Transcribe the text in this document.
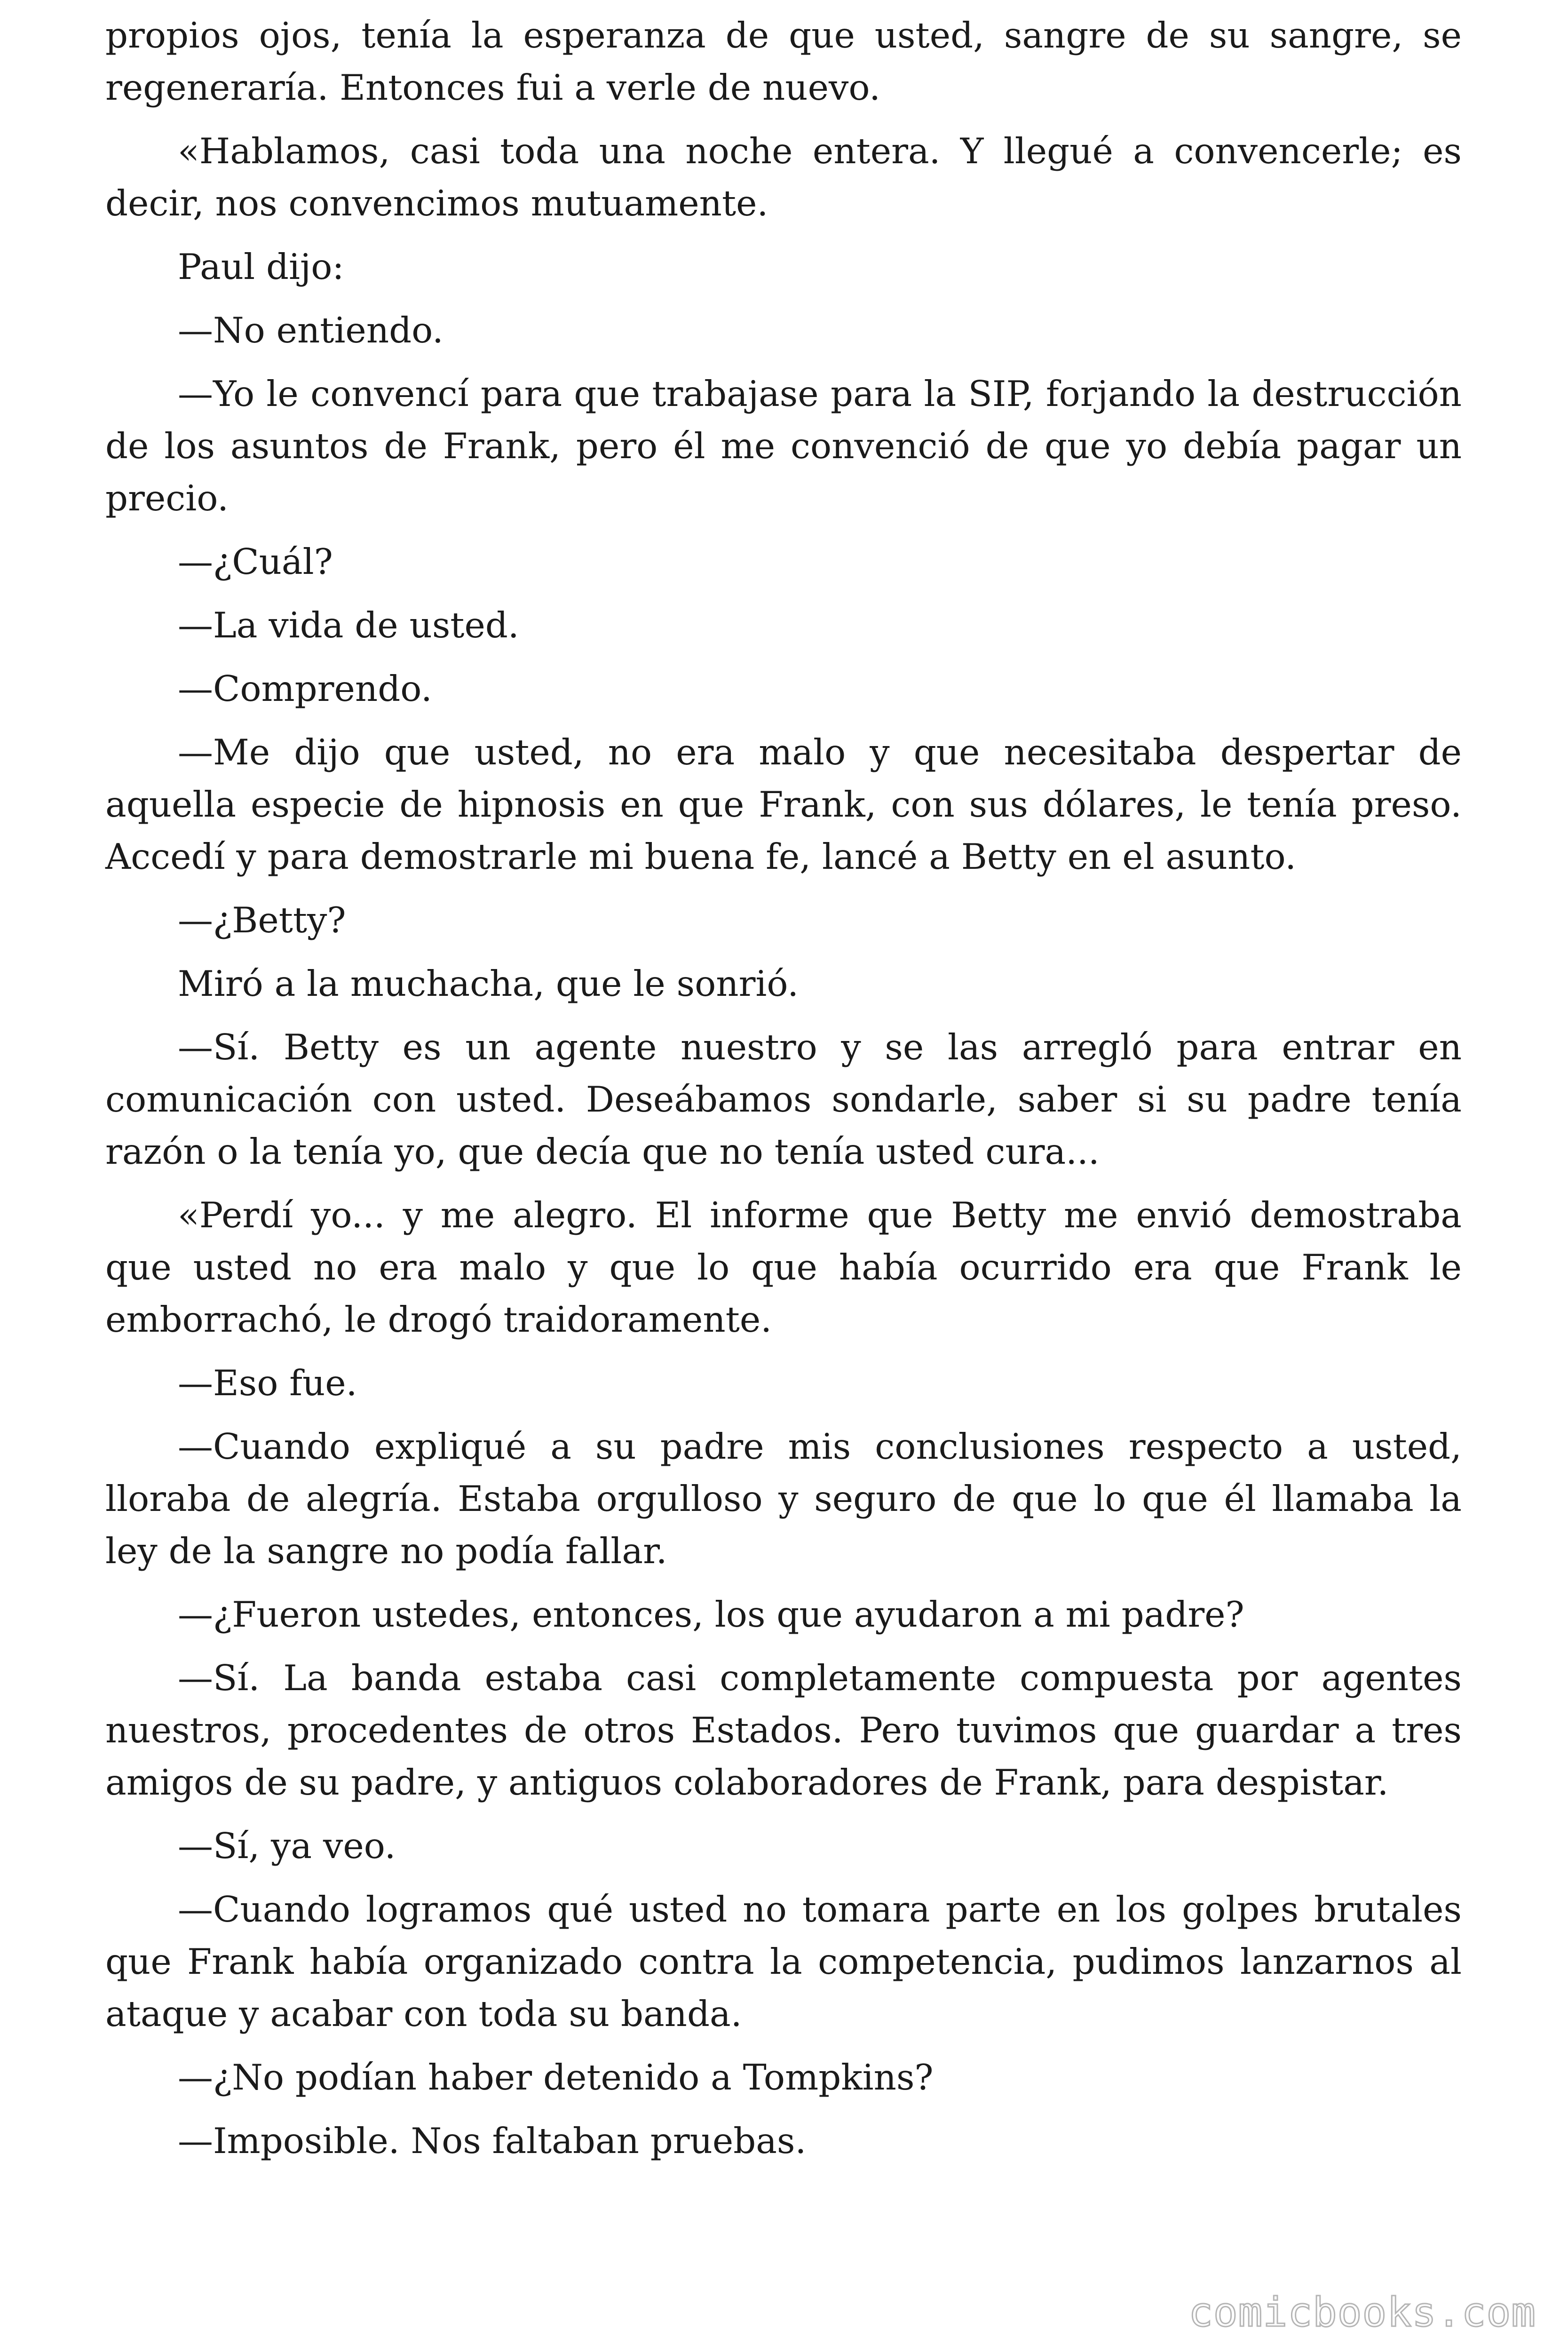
propios ojos, tenía la esperanza de que usted, sangre de su sangre, se regeneraría. Entonces fui a verle de nuevo.

«Hablamos, casi toda una noche entera. Y llegué a convencerle; es decir, nos convencimos mutuamente.

Paul dijo:

—No entiendo.

—Yo le convencí para que trabajase para la SIP, forjando la destrucción de los asuntos de Frank, pero él me convenció de que yo debía pagar un precio.

—¿Cuál?

—La vida de usted.

—Comprendo.

—Me dijo que usted, no era malo y que necesitaba despertar de aquella especie de hipnosis en que Frank, con sus dólares, le tenía preso. Accedí y para demostrarle mi buena fe, lancé a Betty en el asunto.

—¿Betty?

Miró a la muchacha, que le sonrió.

—Sí. Betty es un agente nuestro y se las arregló para entrar en comunicación con usted. Deseábamos sondarle, saber si su padre tenía razón o la tenía yo, que decía que no tenía usted cura...

«Perdí yo... y me alegro. El informe que Betty me envió demostraba que usted no era malo y que lo que había ocurrido era que Frank le emborrachó, le drogó traidoramente.

—Eso fue.

—Cuando expliqué a su padre mis conclusiones respecto a usted, lloraba de alegría. Estaba orgulloso y seguro de que lo que él llamaba la ley de la sangre no podía fallar.

—¿Fueron ustedes, entonces, los que ayudaron a mi padre?

—Sí. La banda estaba casi completamente compuesta por agentes nuestros, procedentes de otros Estados. Pero tuvimos que guardar a tres amigos de su padre, y antiguos colaboradores de Frank, para despistar.

—Sí, ya veo.

—Cuando logramos qué usted no tomara parte en los golpes brutales que Frank había organizado contra la competencia, pudimos lanzarnos al ataque y acabar con toda su banda.

—¿No podían haber detenido a Tompkins?

—Imposible. Nos faltaban pruebas.

comicbooks.com
